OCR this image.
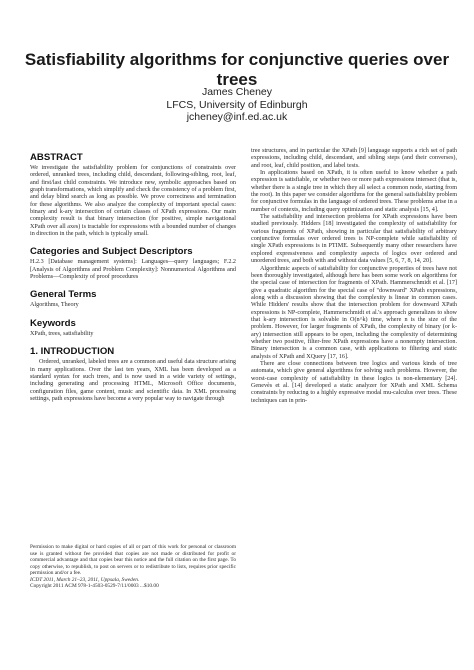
Satisfiability algorithms for conjunctive queries over trees
James Cheney
LFCS, University of Edinburgh
jcheney@inf.ed.ac.uk
ABSTRACT

We investigate the satisfiability problem for conjunctions of constraints over ordered, unranked trees, including child, descendant, following-sibling, root, leaf, and first/last child constraints. We introduce new, symbolic approaches based on graph transformations, which simplify and check the consistency of a problem first, and delay blind search as long as possible. We prove correctness and termination for these algorithms. We also analyze the complexity of important special cases: binary and k-ary intersection of certain classes of XPath expressions. Our main complexity result is that binary intersection (for positive, simple navigational XPath over all axes) is tractable for expressions with a bounded number of changes in direction in the path, which is typically small.

Categories and Subject Descriptors

H.2.3 [Database management systems]: Languages—query languages; F.2.2 [Analysis of Algorithms and Problem Complexity]: Nonnumerical Algorithms and Problems—Complexity of proof procedures

General Terms

Algorithms, Theory

Keywords

XPath, trees, satisfiability

1. INTRODUCTION

Ordered, unranked, labeled trees are a common and useful data structure arising in many applications. Over the last ten years, XML has been developed as a standard syntax for such trees, and is now used in a wide variety of settings, including generating and processing HTML, Microsoft Office documents, configuration files, game content, music and scientific data. In XML processing settings, path expressions have become a very popular way to navigate through

Permission to make digital or hard copies of all or part of this work for personal or classroom use is granted without fee provided that copies are not made or distributed for profit or commercial advantage and that copies bear this notice and the full citation on the first page. To copy otherwise, to republish, to post on servers or to redistribute to lists, requires prior specific permission and/or a fee.

ICDT 2011, March 21–23, 2011, Uppsala, Sweden.

Copyright 2011 ACM 978-1-4503-0529-7/11/0003 ...$10.00

tree structures, and in particular the XPath [9] language supports a rich set of path expressions, including child, descendant, and sibling steps (and their converses), and root, leaf, child position, and label tests.

In applications based on XPath, it is often useful to know whether a path expression is satisfiable, or whether two or more path expressions intersect (that is, whether there is a single tree in which they all select a common node, starting from the root). In this paper we consider algorithms for the general satisfiability problem for conjunctive formulas in the language of ordered trees. These problems arise in a number of contexts, including query optimization and static analysis [15, 4].

The satisfiability and intersection problems for XPath expressions have been studied previously. Hidders [18] investigated the complexity of satisfiability for various fragments of XPath, showing in particular that satisfiability of arbitrary conjunctive formulas over ordered trees is NP-complete while satisfiability of single XPath expressions is in PTIME. Subsequently many other researchers have explored expressiveness and complexity aspects of logics over ordered and unordered trees, and both with and without data values [5, 6, 7, 8, 14, 20].

Algorithmic aspects of satisfiability for conjunctive properties of trees have not been thoroughly investigated, although here has been some work on algorithms for the special case of intersection for fragments of XPath. Hammerschmidt et al. [17] give a quadratic algorithm for the special case of "downward" XPath expressions, along with a discussion showing that the complexity is linear in common cases. While Hidders' results show that the intersection problem for downward XPath expressions is NP-complete, Hammerschmidt et al.'s approach generalizes to show that k-ary intersection is solvable in O(n^k) time, where n is the size of the problem. However, for larger fragments of XPath, the complexity of binary (or k-ary) intersection still appears to be open, including the complexity of determining whether two positive, filter-free XPath expressions have a nonempty intersection. Binary intersection is a common case, with applications to filtering and static analysis of XPath and XQuery [17, 16].

There are close connections between tree logics and various kinds of tree automata, which give general algorithms for solving such problems. However, the worst-case complexity of satisfiability in these logics is non-elementary [24]. Genevès et al. [14] developed a static analyzer for XPath and XML Schema constraints by reducing to a highly expressive modal mu-calculus over trees. These techniques can in prin-
